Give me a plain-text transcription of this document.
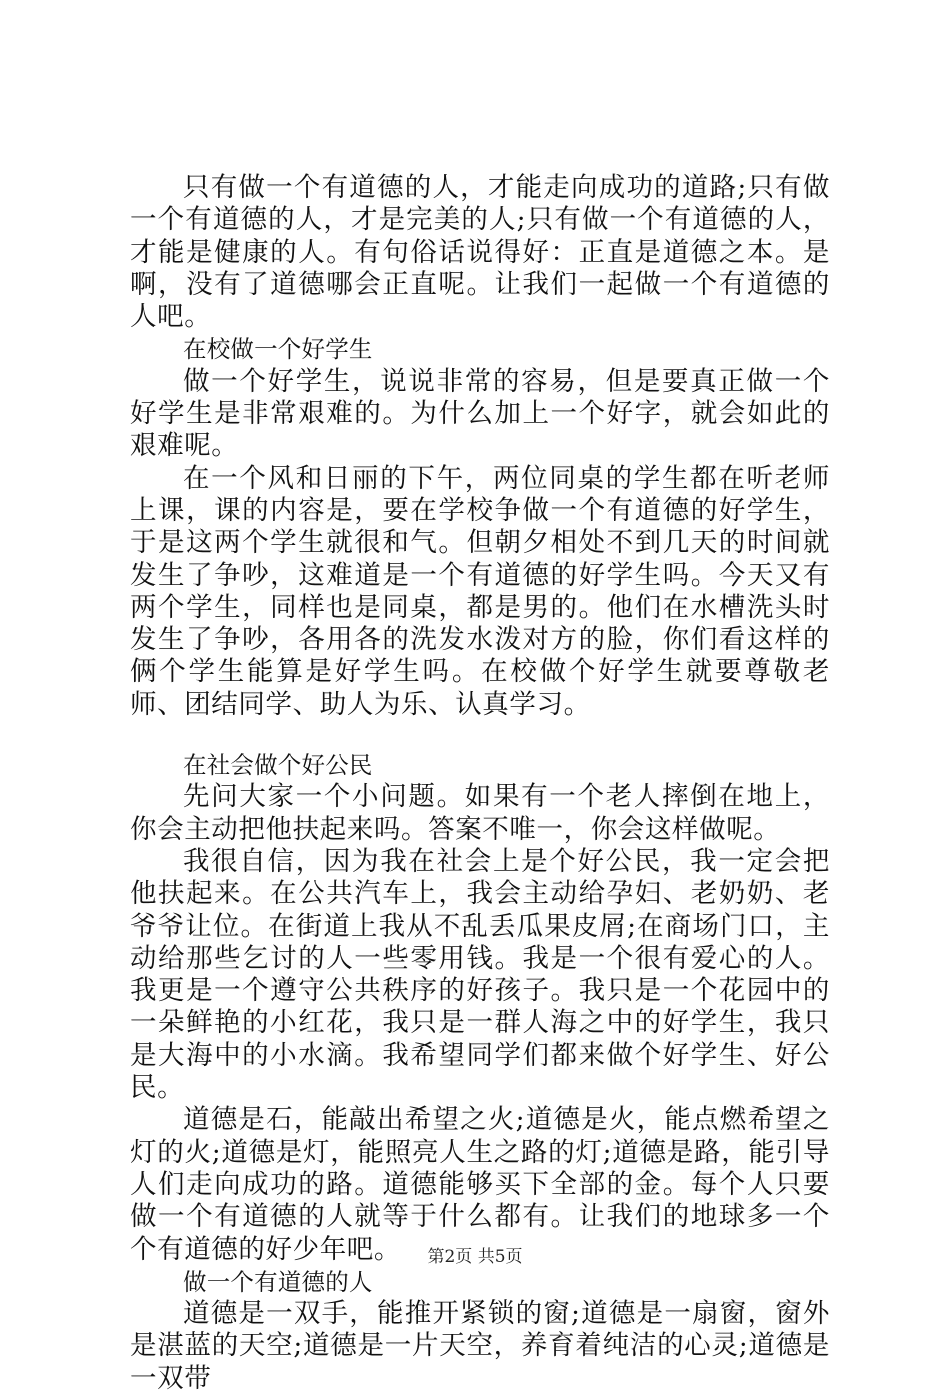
只有做一个有道德的人，才能走向成功的道路;只有做一个有道德的人，才是完美的人;只有做一个有道德的人，才能是健康的人。有句俗话说得好：正直是道德之本。是啊，没有了道德哪会正直呢。让我们一起做一个有道德的人吧。

在校做一个好学生

做一个好学生，说说非常的容易，但是要真正做一个好学生是非常艰难的。为什么加上一个好字，就会如此的艰难呢。

在一个风和日丽的下午，两位同桌的学生都在听老师上课，课的内容是，要在学校争做一个有道德的好学生，于是这两个学生就很和气。但朝夕相处不到几天的时间就发生了争吵，这难道是一个有道德的好学生吗。今天又有两个学生，同样也是同桌，都是男的。他们在水槽洗头时发生了争吵，各用各的洗发水泼对方的脸，你们看这样的俩个学生能算是好学生吗。在校做个好学生就要尊敬老师、团结同学、助人为乐、认真学习。

在社会做个好公民

先问大家一个小问题。如果有一个老人摔倒在地上，你会主动把他扶起来吗。答案不唯一，你会这样做呢。

我很自信，因为我在社会上是个好公民，我一定会把他扶起来。在公共汽车上，我会主动给孕妇、老奶奶、老爷爷让位。在街道上我从不乱丢瓜果皮屑;在商场门口，主动给那些乞讨的人一些零用钱。我是一个很有爱心的人。我更是一个遵守公共秩序的好孩子。我只是一个花园中的一朵鲜艳的小红花，我只是一群人海之中的好学生，我只是大海中的小水滴。我希望同学们都来做个好学生、好公民。

道德是石，能敲出希望之火;道德是火，能点燃希望之灯的火;道德是灯，能照亮人生之路的灯;道德是路，能引导人们走向成功的路。道德能够买下全部的金。每个人只要做一个有道德的人就等于什么都有。让我们的地球多一个个有道德的好少年吧。

做一个有道德的人

道德是一双手，能推开紧锁的窗;道德是一扇窗，窗外是湛蓝的天空;道德是一片天空，养育着纯洁的心灵;道德是一双带

第2页 共5页
